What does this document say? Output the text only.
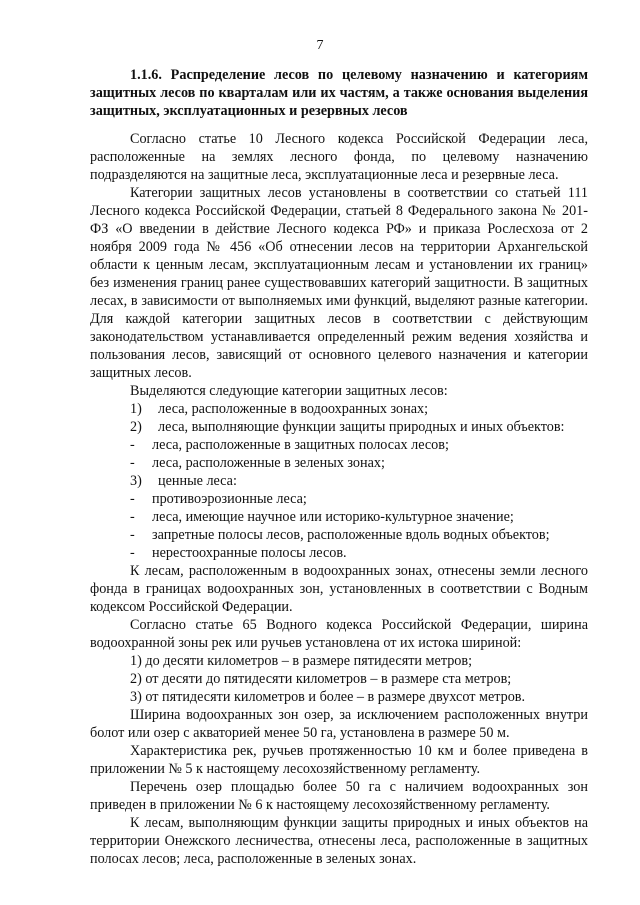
7
1.1.6. Распределение лесов по целевому назначению и категориям защитных лесов по кварталам или их частям, а также основания выделения защитных, эксплуатационных и резервных лесов

Согласно статье 10 Лесного кодекса Российской Федерации леса, расположенные на землях лесного фонда, по целевому назначению подразделяются на защитные леса, эксплуатационные леса и резервные леса.

Категории защитных лесов установлены в соответствии со статьей 111 Лесного кодекса Российской Федерации, статьей 8 Федерального закона № 201-ФЗ «О введении в действие Лесного кодекса РФ» и приказа Рослесхоза от 2 ноября 2009 года № 456 «Об отнесении лесов на территории Архангельской области к ценным лесам, эксплуатационным лесам и установлении их границ» без изменения границ ранее существовавших категорий защитности. В защитных лесах, в зависимости от выполняемых ими функций, выделяют разные категории. Для каждой категории защитных лесов в соответствии с действующим законодательством устанавливается определенный режим ведения хозяйства и пользования лесов, зависящий от основного целевого назначения и категории защитных лесов.

Выделяются следующие категории защитных лесов:

1)	леса, расположенные в водоохранных зонах;
2)	леса, выполняющие функции защиты природных и иных объектов:
-	леса, расположенные в защитных полосах лесов;
-	леса, расположенные в зеленых зонах;
3)	ценные леса:
-	противоэрозионные леса;
-	леса, имеющие научное или историко-культурное значение;
-	запретные полосы лесов, расположенные вдоль водных объектов;
-	нерестоохранные полосы лесов.

К лесам, расположенным в водоохранных зонах, отнесены земли лесного фонда в границах водоохранных зон, установленных в соответствии с Водным кодексом Российской Федерации.

Согласно статье 65 Водного кодекса Российской Федерации, ширина водоохранной зоны рек или ручьев установлена от их истока шириной:

1) до десяти километров – в размере пятидесяти метров;

2) от десяти до пятидесяти километров – в размере ста метров;

3) от пятидесяти километров и более – в размере двухсот метров.

Ширина водоохранных зон озер, за исключением расположенных внутри болот или озер с акваторией менее 50 га, установлена в размере 50 м.

Характеристика рек, ручьев протяженностью 10 км и более приведена в приложении № 5 к настоящему лесохозяйственному регламенту.

Перечень озер площадью более 50 га с наличием водоохранных зон приведен в приложении № 6 к настоящему лесохозяйственному регламенту.

К лесам, выполняющим функции защиты природных и иных объектов на территории Онежского лесничества, отнесены леса, расположенные в защитных полосах лесов; леса, расположенные в зеленых зонах.
